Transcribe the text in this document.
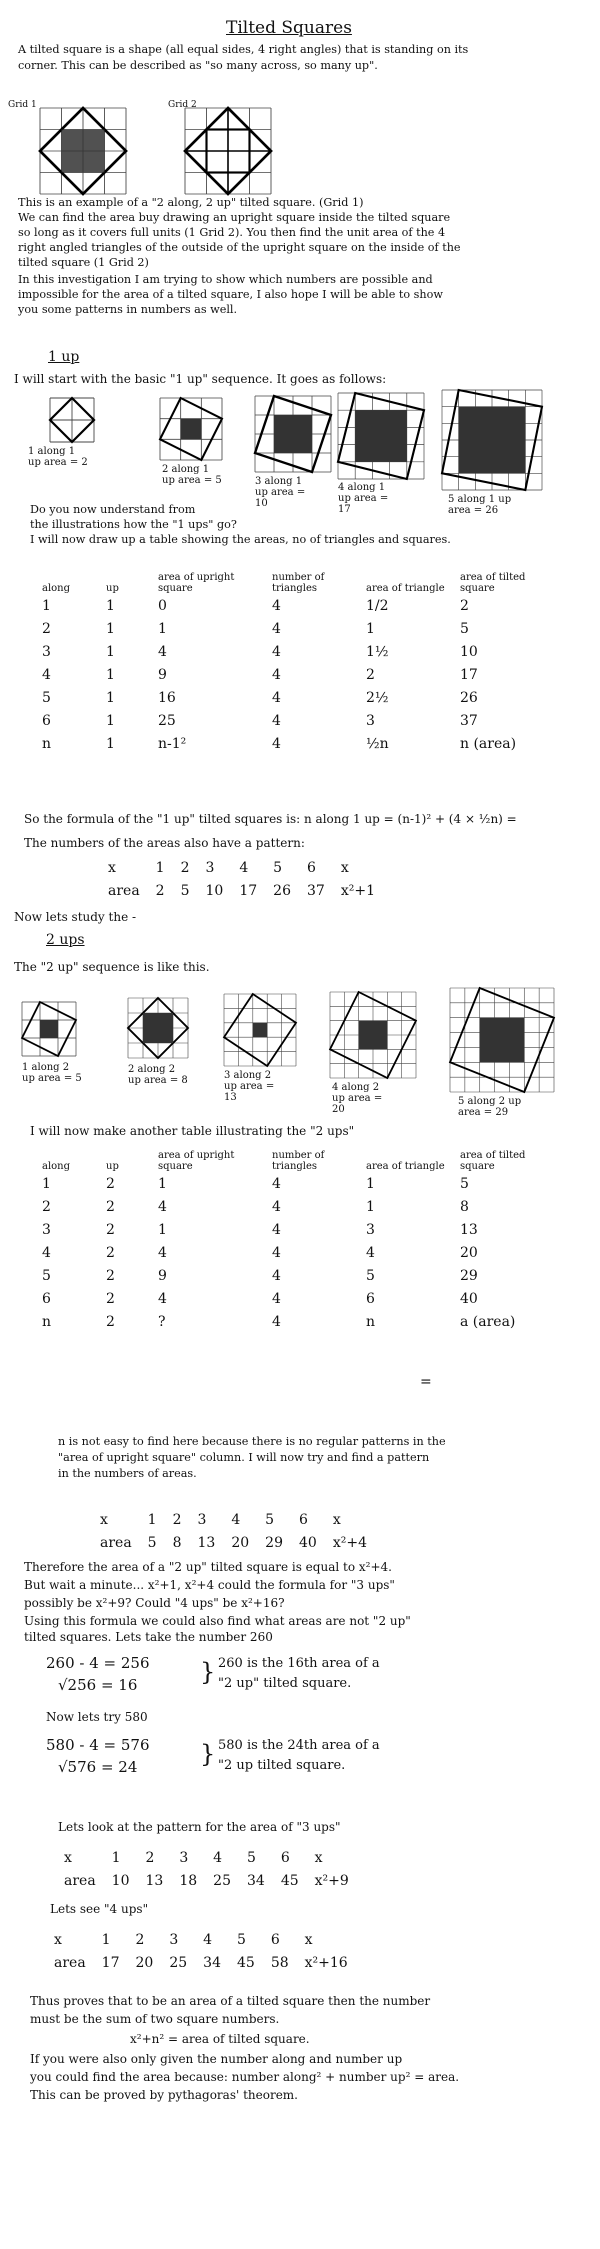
Tilted Squares
A tilted square is a shape (all equal sides, 4 right angles) that is standing on its
corner. This can be described as "so many across, so many up".
Grid 1	Grid 2
This is an example of a "2 along, 2 up" tilted square. (Grid 1)
We can find the area buy drawing an upright square inside the tilted square
so long as it covers full units (1 Grid 2). You then find the unit area of the 4
right angled triangles of the outside of the upright square on the inside of the
tilted square (1 Grid 2)
In this investigation I am trying to show which numbers are possible and
impossible for the area of a tilted square, I also hope I will be able to show
you some patterns in numbers as well.
1 up
I will start with the basic "1 up" sequence. It goes as follows:
1 along 1 up area = 2
2 along 1 up area = 5	3 along 1 up area = 10
4 along 1 up area = 17
5 along 1 up area = 26
Do you now understand from
the illustrations how the "1 ups" go?
I will now draw up a table showing the areas, no of triangles and squares.
along	up	area of upright square	number of triangles	area of triangle	area of tilted square
1	1	0	4	1/2	2
2	1	1	4	1	5
3	1	4	4	1½	10
4	1	9	4	2	17
5	1	16	4	2½	26
6	1	25	4	3	37
n	1	n-1²	4	½n	n (area)
So the formula of the "1 up" tilted squares is: n along 1 up = (n-1)² + (4 × ½n) =
The numbers of the areas also have a pattern:
x	1	2	3	4	5	6	x
area	2	5	10	17	26	37	x²+1
Now lets study the -
2 ups
The "2 up" sequence is like this.
1 along 2 up area = 5
2 along 2 up area = 8	3 along 2 up area = 13
4 along 2 up area = 20
5 along 2 up area = 29
I will now make another table illustrating the "2 ups"
along	up	area of upright square	number of triangles	area of triangle	area of tilted square
1	2	1	4	1	5
2	2	4	4	1	8
3	2	1	4	3	13
4	2	4	4	4	20
5	2	9	4	5	29
6	2	4	4	6	40
n	2	?	4	n	a (area)
=
n is not easy to find here because there is no regular patterns in the
"area of upright square" column. I will now try and find a pattern
in the numbers of areas.
x	1	2	3	4	5	6	x
area	5	8	13	20	29	40	x²+4
Therefore the area of a "2 up" tilted square is equal to x²+4.
But wait a minute... x²+1, x²+4 could the formula for "3 ups"
possibly be x²+9? Could "4 ups" be x²+16?
Using this formula we could also find what areas are not "2 up"
tilted squares. Lets take the number 260
260 - 4 = 256
√256 = 16	} 260 is the 16th area of a
"2 up" tilted square.
Now lets try 580
580 - 4 = 576
√576 = 24	} 580 is the 24th area of a
"2 up tilted square.
Lets look at the pattern for the area of "3 ups"
x	1	2	3	4	5	6	x
area	10	13	18	25	34	45	x²+9
Lets see "4 ups"
x	1	2	3	4	5	6	x
area	17	20	25	34	45	58	x²+16
Thus proves that to be an area of a tilted square then the number
must be the sum of two square numbers.
x²+n² = area of tilted square.
If you were also only given the number along and number up
you could find the area because: number along² + number up² = area.
This can be proved by pythagoras' theorem.
